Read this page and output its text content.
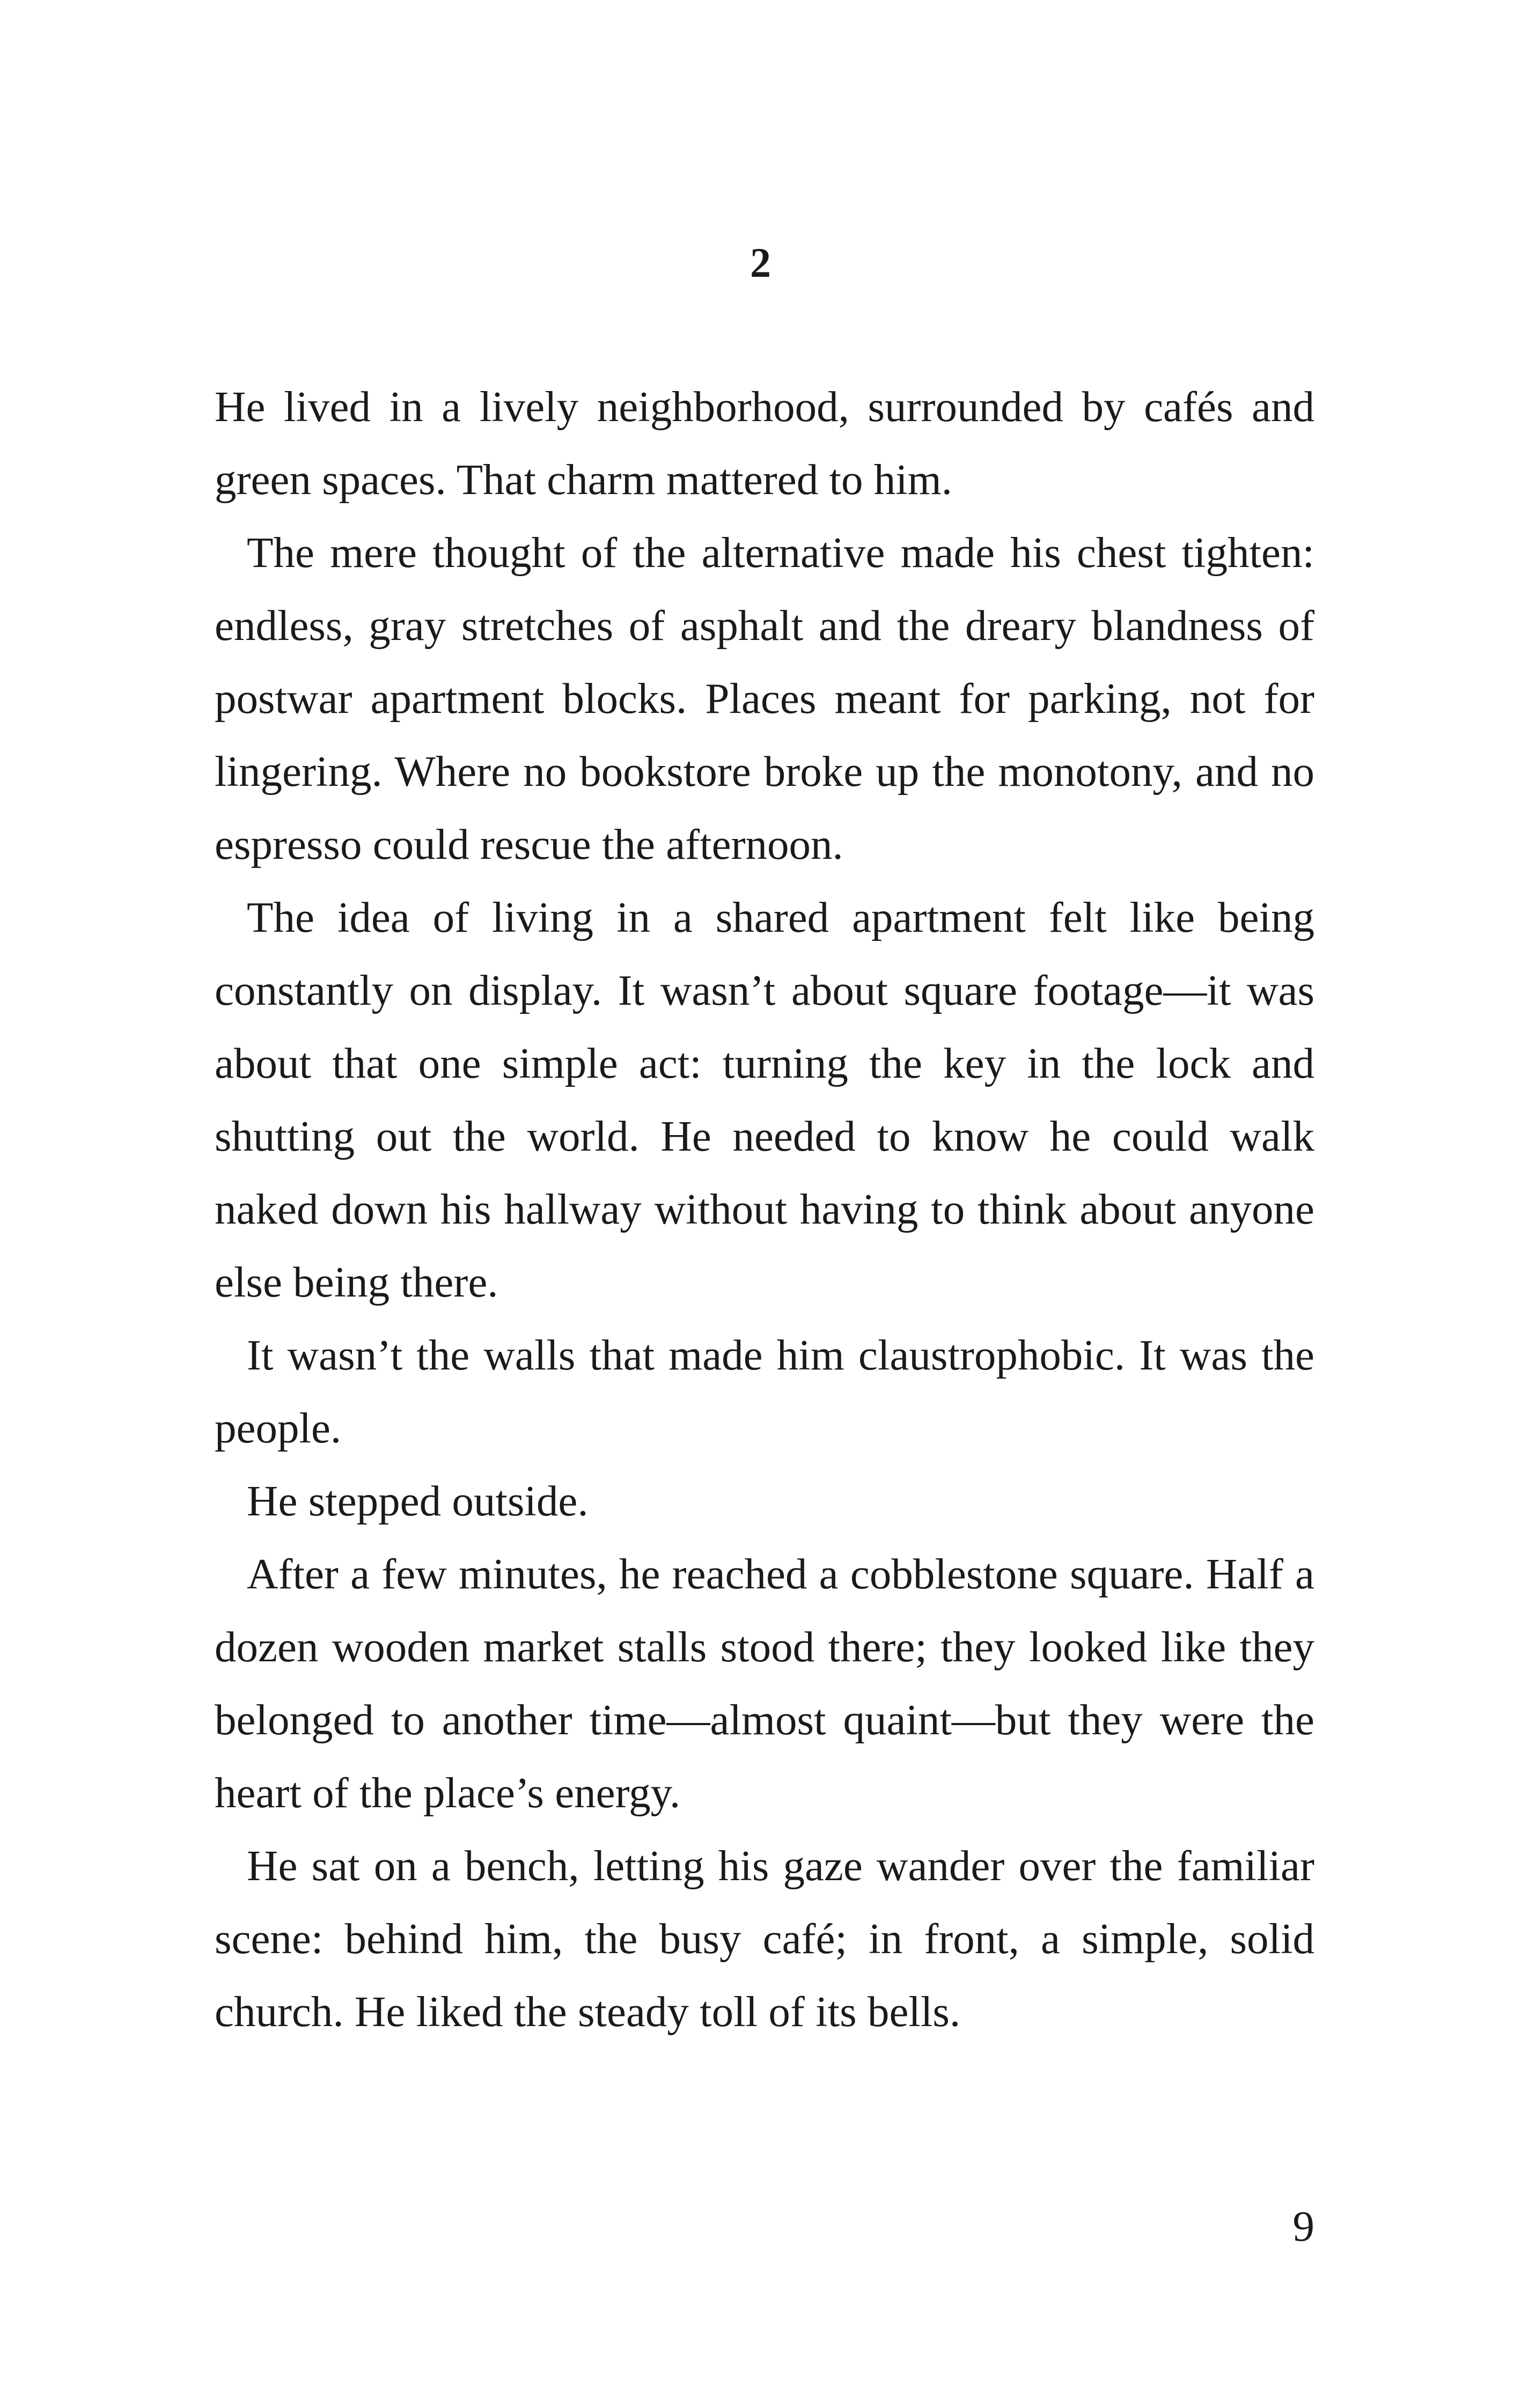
2

He lived in a lively neighborhood, surrounded by cafés and green spaces. That charm mattered to him.

The mere thought of the alternative made his chest tighten: endless, gray stretches of asphalt and the dreary blandness of postwar apartment blocks. Places meant for parking, not for lingering. Where no bookstore broke up the monotony, and no espresso could rescue the afternoon.

The idea of living in a shared apartment felt like being constantly on display. It wasn’t about square footage—it was about that one simple act: turning the key in the lock and shutting out the world. He needed to know he could walk naked down his hallway without having to think about anyone else being there.

It wasn’t the walls that made him claustrophobic. It was the people.

He stepped outside.

After a few minutes, he reached a cobblestone square. Half a dozen wooden market stalls stood there; they looked like they belonged to another time—almost quaint—but they were the heart of the place’s energy.

He sat on a bench, letting his gaze wander over the familiar scene: behind him, the busy café; in front, a simple, solid church. He liked the steady toll of its bells.

9
